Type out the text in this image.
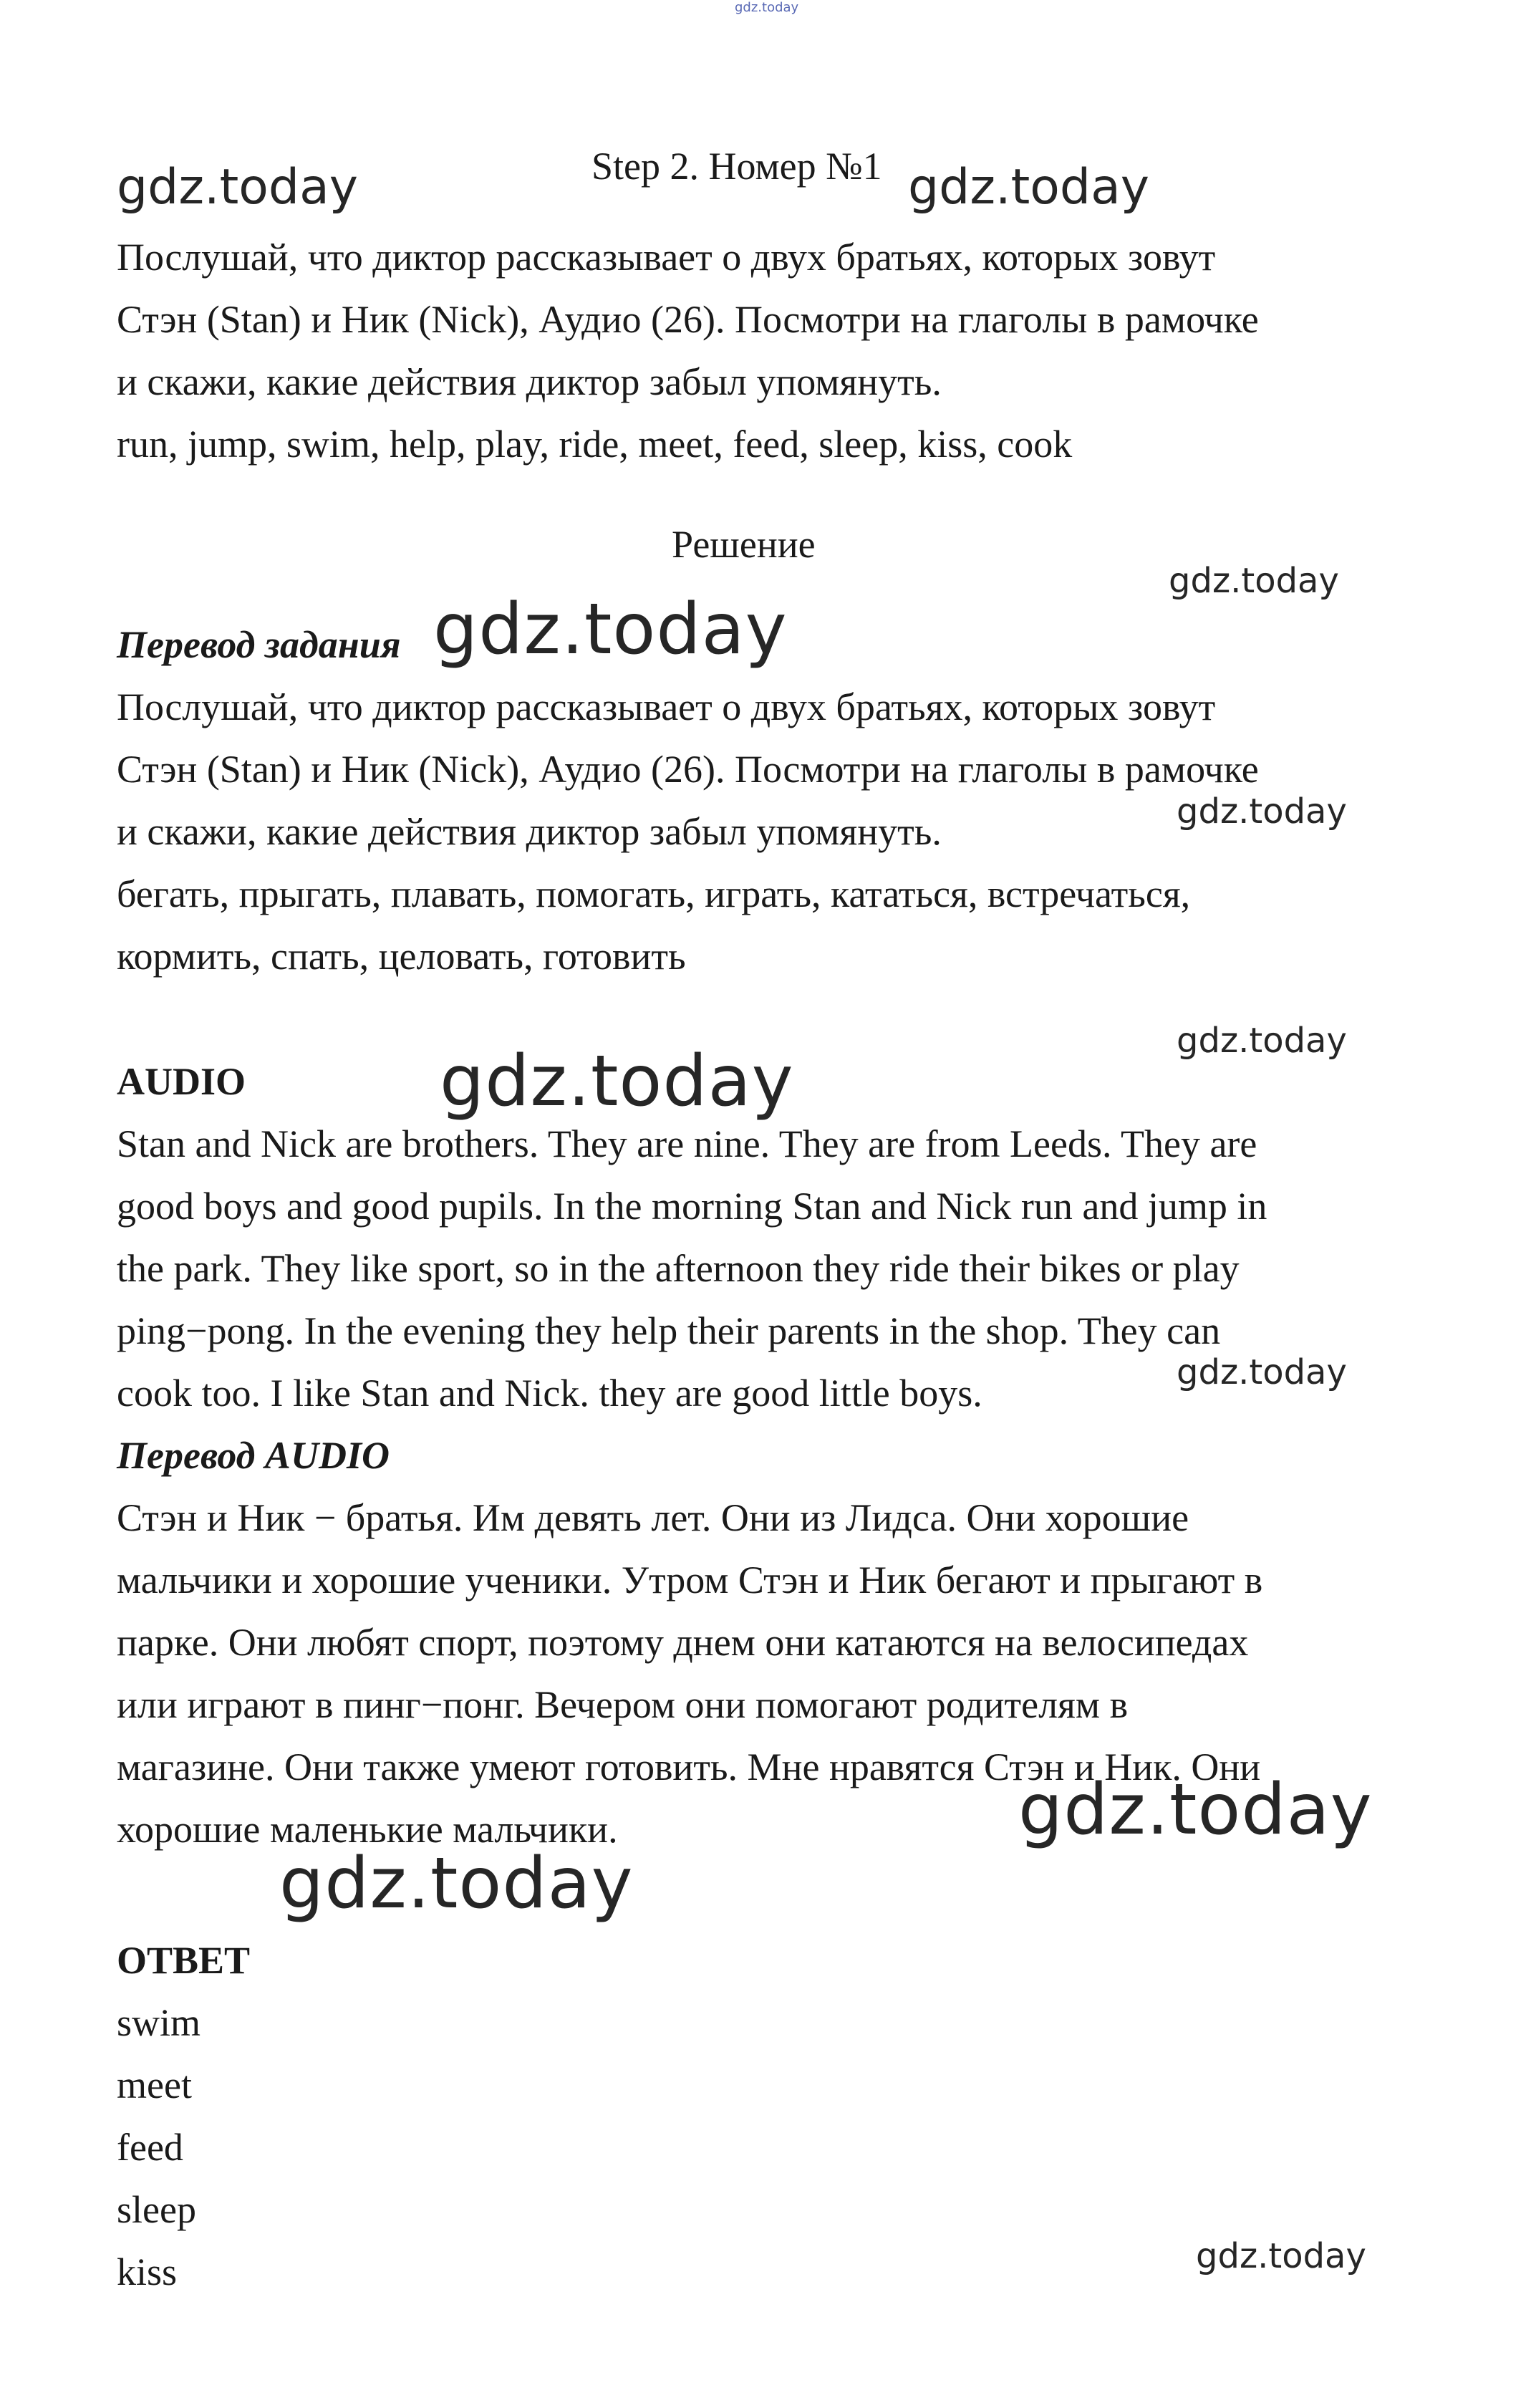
gdz.today
Step 2. Номер №1
gdz.today	gdz.today
Послушай, что диктор рассказывает о двух братьях, которых зовут
Стэн (Stan) и Ник (Nick), Аудио (26). Посмотри на глаголы в рамочке
и скажи, какие действия диктор забыл упомянуть.
run, jump, swim, help, play, ride, meet, feed, sleep, kiss, cook
Решение
gdz.today
Перевод задания gdz.today
Послушай, что диктор рассказывает о двух братьях, которых зовут
Стэн (Stan) и Ник (Nick), Аудио (26). Посмотри на глаголы в рамочке
gdz.today
и скажи, какие действия диктор забыл упомянуть.
бегать, прыгать, плавать, помогать, играть, кататься, встречаться,
кормить, спать, целовать, готовить
gdz.today
AUDIO	gdz.today
Stan and Nick are brothers. They are nine. They are from Leeds. They are
good boys and good pupils. In the morning Stan and Nick run and jump in
the park. They like sport, so in the afternoon they ride their bikes or play
ping−pong. In the evening they help their parents in the shop. They can
gdz.today
cook too. I like Stan and Nick. they are good little boys.
Перевод AUDIO
Стэн и Ник − братья. Им девять лет. Они из Лидса. Они хорошие
мальчики и хорошие ученики. Утром Стэн и Ник бегают и прыгают в
парке. Они любят спорт, поэтому днем они катаются на велосипедах
или играют в пинг−понг. Вечером они помогают родителям в
магазине. Они также умеют готовить. Мне нравятся Стэн и Ник. Они
хорошие маленькие мальчики.	gdz.today
gdz.today
ОТВЕТ
swim
meet
feed
sleep
kiss	gdz.today
